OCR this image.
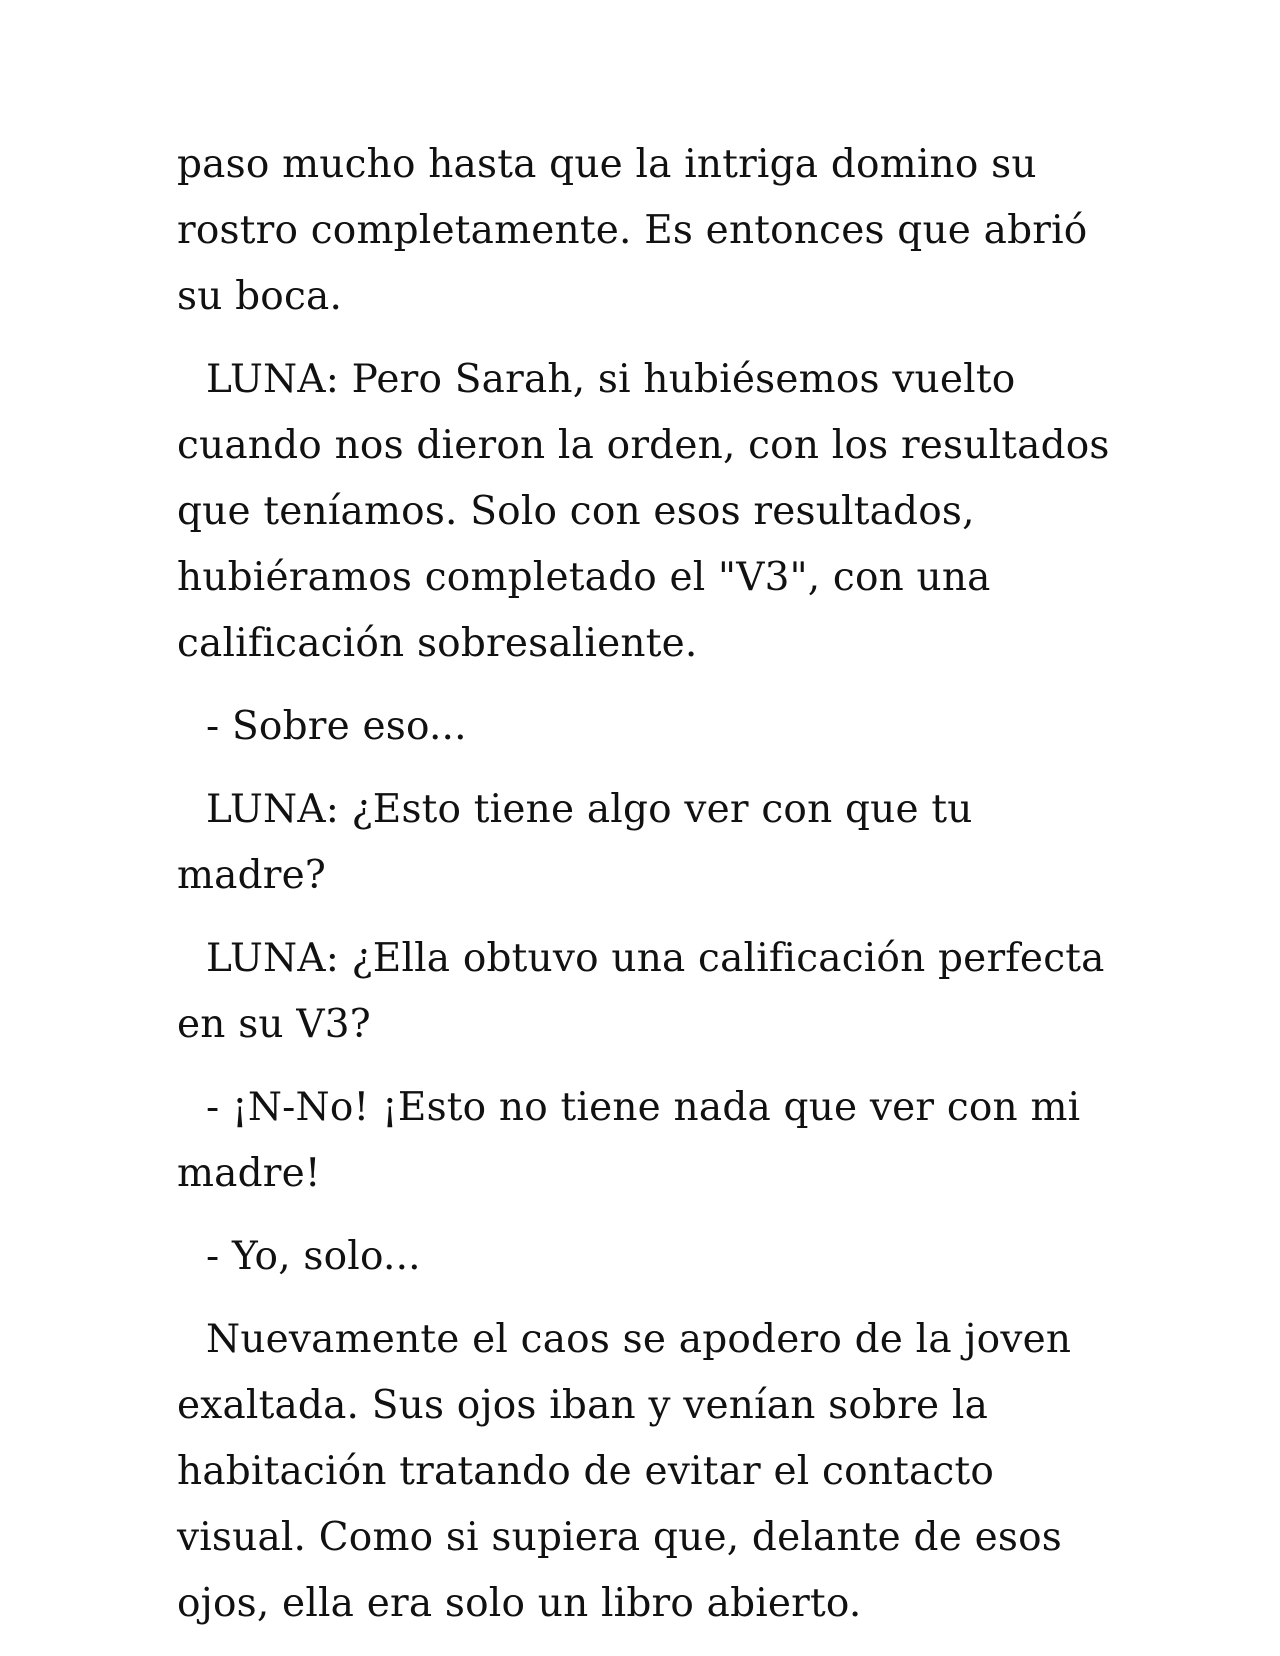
paso mucho hasta que la intriga domino su rostro completamente. Es entonces que abrió su boca.

LUNA: Pero Sarah, si hubiésemos vuelto cuando nos dieron la orden, con los resultados que teníamos. Solo con esos resultados, hubiéramos completado el "V3", con una calificación sobresaliente.

- Sobre eso...

LUNA: ¿Esto tiene algo ver con que tu madre?

LUNA: ¿Ella obtuvo una calificación perfecta en su V3?

- ¡N-No! ¡Esto no tiene nada que ver con mi madre!

- Yo, solo...

Nuevamente el caos se apodero de la joven exaltada. Sus ojos iban y venían sobre la habitación tratando de evitar el contacto visual. Como si supiera que, delante de esos ojos, ella era solo un libro abierto.
